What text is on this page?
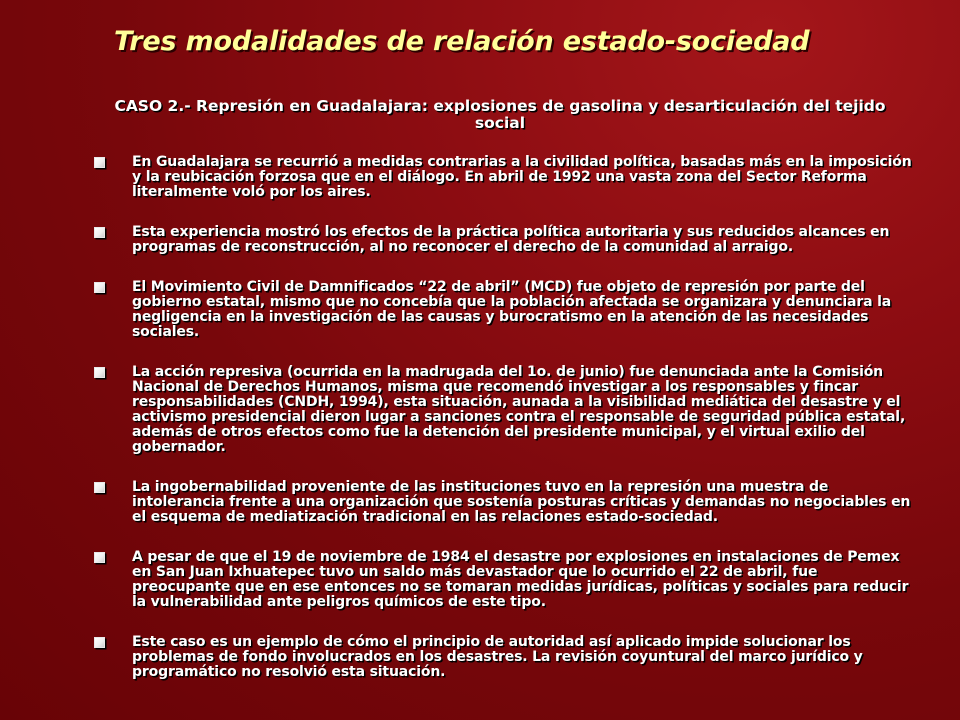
Tres modalidades de relación estado-sociedad
CASO 2.- Represión en Guadalajara: explosiones de gasolina y desarticulación del tejido social
En Guadalajara se recurrió a medidas contrarias a la civilidad política, basadas más en la imposición y la reubicación forzosa que en el diálogo. En abril de 1992 una vasta zona del Sector Reforma literalmente voló por los aires.
Esta experiencia mostró los efectos de la práctica política autoritaria y sus reducidos alcances en programas de reconstrucción, al no reconocer el derecho de la comunidad al arraigo.
El Movimiento Civil de Damnificados “22 de abril” (MCD) fue objeto de represión por parte del gobierno estatal, mismo que no concebía que la población afectada se organizara y denunciara la negligencia en la investigación de las causas y burocratismo en la atención de las necesidades sociales.
La acción represiva (ocurrida en la madrugada del 1o. de junio) fue denunciada ante la Comisión Nacional de Derechos Humanos, misma que recomendó investigar a los responsables y fincar responsabilidades (CNDH, 1994), esta situación, aunada a la visibilidad mediática del desastre y el activismo presidencial dieron lugar a sanciones contra el responsable de seguridad pública estatal, además de otros efectos como fue la detención del presidente municipal, y el virtual exilio del gobernador.
La ingobernabilidad proveniente de las instituciones tuvo en la represión una muestra de intolerancia frente a una organización que sostenía posturas críticas y demandas no negociables en el esquema de mediatización tradicional en las relaciones estado-sociedad.
A pesar de que el 19 de noviembre de 1984 el desastre por explosiones en instalaciones de Pemex en San Juan Ixhuatepec tuvo un saldo más devastador que lo ocurrido el 22 de abril, fue preocupante que en ese entonces no se tomaran medidas jurídicas, políticas y sociales para reducir la vulnerabilidad ante peligros químicos de este tipo.
Este caso es un ejemplo de cómo el principio de autoridad así aplicado impide solucionar los problemas de fondo involucrados en los desastres. La revisión coyuntural del marco jurídico y programático no resolvió esta situación.
